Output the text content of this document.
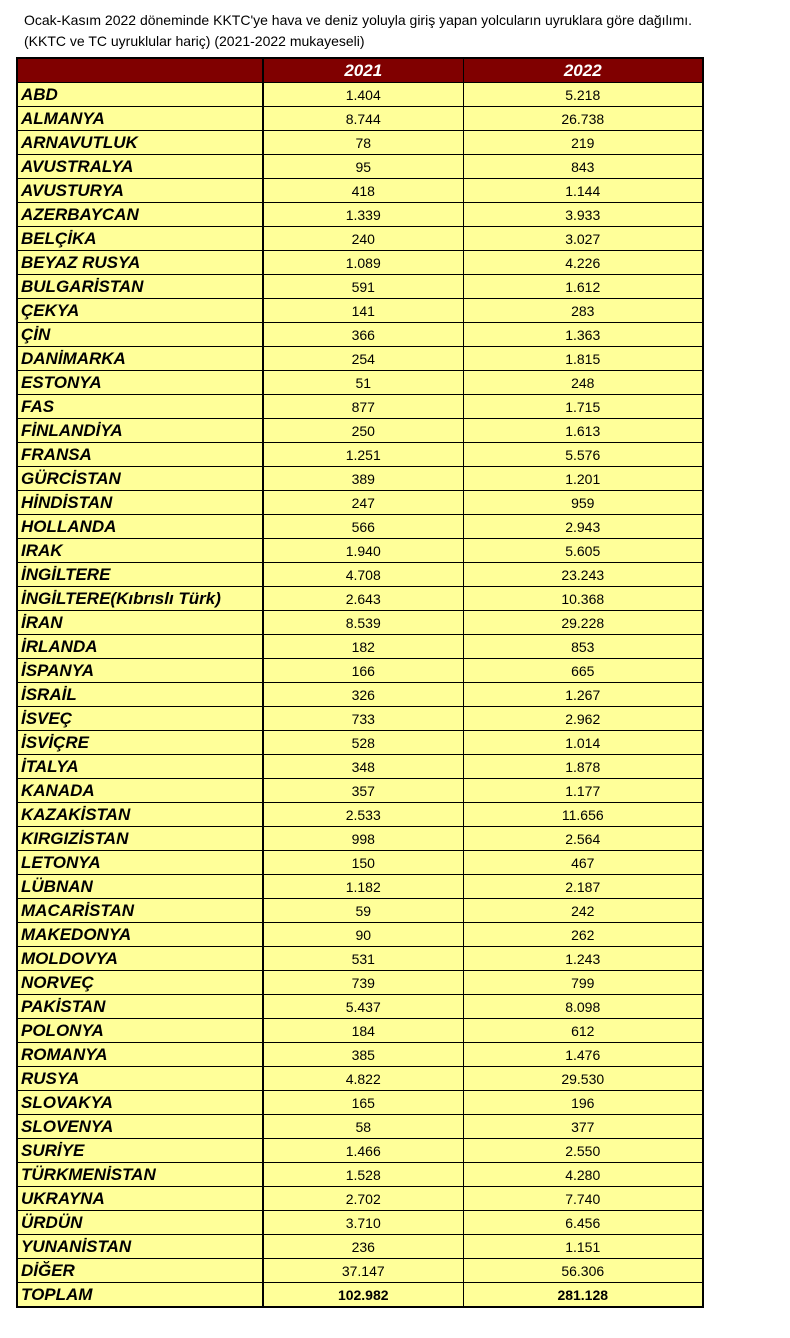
Ocak-Kasım 2022 döneminde KKTC'ye hava ve deniz yoluyla giriş yapan yolcuların uyruklara göre dağılımı.
(KKTC ve TC uyruklular hariç) (2021-2022 mukayeseli)
	2021	2022
ABD	1.404	5.218
ALMANYA	8.744	26.738
ARNAVUTLUK	78	219
AVUSTRALYA	95	843
AVUSTURYA	418	1.144
AZERBAYCAN	1.339	3.933
BELÇİKA	240	3.027
BEYAZ RUSYA	1.089	4.226
BULGARİSTAN	591	1.612
ÇEKYA	141	283
ÇİN	366	1.363
DANİMARKA	254	1.815
ESTONYA	51	248
FAS	877	1.715
FİNLANDİYA	250	1.613
FRANSA	1.251	5.576
GÜRCİSTAN	389	1.201
HİNDİSTAN	247	959
HOLLANDA	566	2.943
IRAK	1.940	5.605
İNGİLTERE	4.708	23.243
İNGİLTERE(Kıbrıslı Türk)	2.643	10.368
İRAN	8.539	29.228
İRLANDA	182	853
İSPANYA	166	665
İSRAİL	326	1.267
İSVEÇ	733	2.962
İSVİÇRE	528	1.014
İTALYA	348	1.878
KANADA	357	1.177
KAZAKİSTAN	2.533	11.656
KIRGIZİSTAN	998	2.564
LETONYA	150	467
LÜBNAN	1.182	2.187
MACARİSTAN	59	242
MAKEDONYA	90	262
MOLDOVYA	531	1.243
NORVEÇ	739	799
PAKİSTAN	5.437	8.098
POLONYA	184	612
ROMANYA	385	1.476
RUSYA	4.822	29.530
SLOVAKYA	165	196
SLOVENYA	58	377
SURİYE	1.466	2.550
TÜRKMENİSTAN	1.528	4.280
UKRAYNA	2.702	7.740
ÜRDÜN	3.710	6.456
YUNANİSTAN	236	1.151
DİĞER	37.147	56.306
TOPLAM	102.982	281.128
